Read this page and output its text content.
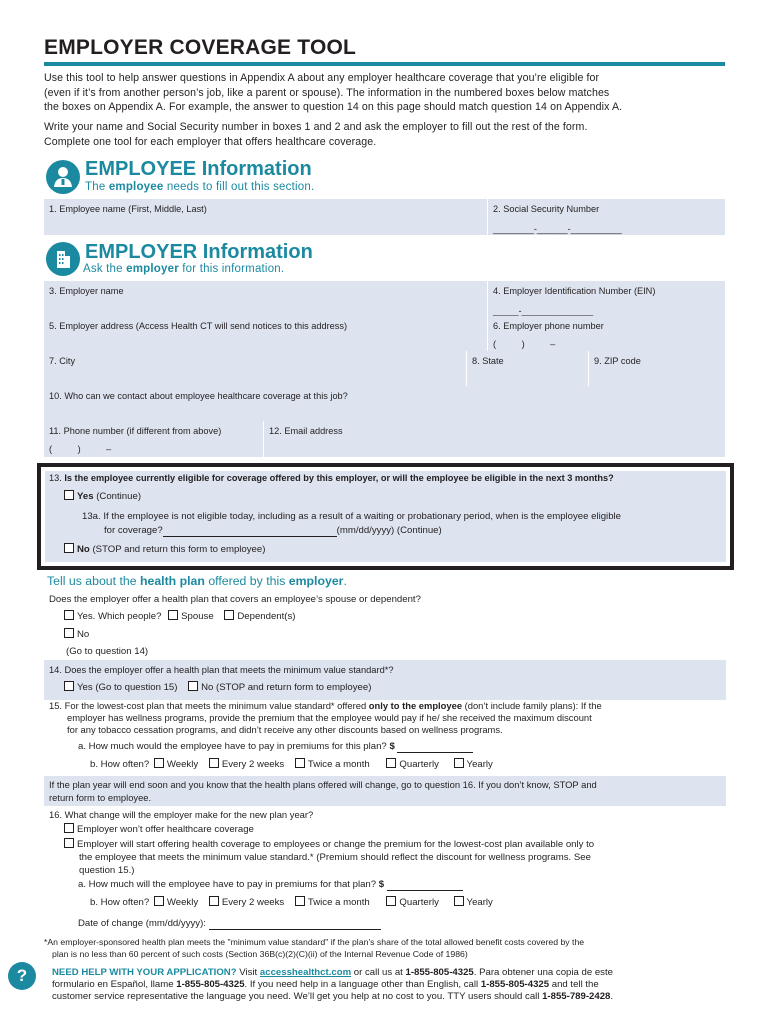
EMPLOYER COVERAGE TOOL
Use this tool to help answer questions in Appendix A about any employer healthcare coverage that you’re eligible for
(even if it’s from another person’s job, like a parent or spouse). The information in the numbered boxes below matches
the boxes on Appendix A. For example, the answer to question 14 on this page should match question 14 on Appendix A.
Write your name and Social Security number in boxes 1 and 2 and ask the employer to fill out the rest of the form.
Complete one tool for each employer that offers healthcare coverage.
EMPLOYEE Information
The employee needs to fill out this section.
1. Employee name (First, Middle, Last)	2. Social Security Number
________-______-__________
EMPLOYER Information
Ask the employer for this information.
3. Employer name	4. Employer Identification Number (EIN)
_____-______________
5. Employer address (Access Health CT will send notices to this address)	6. Employer phone number
(          )          –
7. City	8. State	9. ZIP code
10. Who can we contact about employee healthcare coverage at this job?
11. Phone number (if different from above)
(          )          –
12. Email address
13. Is the employee currently eligible for coverage offered by this employer, or will the employee be eligible in the next 3 months?
Yes (Continue)
13a. If the employee is not eligible today, including as a result of a waiting or probationary period, when is the employee eligible
for coverage?	(mm/dd/yyyy) (Continue)
No (STOP and return this form to employee)
Tell us about the health plan offered by this employer.
Does the employer offer a health plan that covers an employee’s spouse or dependent?
Yes. Which people? Spouse Dependent(s)
No
(Go to question 14)
14. Does the employer offer a health plan that meets the minimum value standard*?
Yes (Go to question 15) No (STOP and return form to employee)
15. For the lowest-cost plan that meets the minimum value standard* offered only to the employee (don’t include family plans): If the
employer has wellness programs, provide the premium that the employee would pay if he/ she received the maximum discount
for any tobacco cessation programs, and didn’t receive any other discounts based on wellness programs.
a. How much would the employee have to pay in premiums for this plan? $
b. How often? Weekly Every 2 weeks Twice a month	Quarterly	Yearly
If the plan year will end soon and you know that the health plans offered will change, go to question 16. If you don’t know, STOP and
return form to employee.
16. What change will the employer make for the new plan year?
Employer won’t offer healthcare coverage
Employer will start offering health coverage to employees or change the premium for the lowest-cost plan available only to
the employee that meets the minimum value standard.* (Premium should reflect the discount for wellness programs. See
question 15.)
a. How much will the employee have to pay in premiums for that plan? $
b. How often? Weekly Every 2 weeks Twice a month	Quarterly	Yearly
Date of change (mm/dd/yyyy):
*An employer-sponsored health plan meets the "minimum value standard" if the plan’s share of the total allowed benefit costs covered by the
plan is no less than 60 percent of such costs (Section 36B(c)(2)(C)(ii) of the Internal Revenue Code of 1986)
?	NEED HELP WITH YOUR APPLICATION? Visit accesshealthct.com or call us at 1-855-805-4325. Para obtener una copia de este
formulario en Español, llame 1-855-805-4325. If you need help in a language other than English, call 1-855-805-4325 and tell the
customer service representative the language you need. We’ll get you help at no cost to you. TTY users should call 1-855-789-2428.
